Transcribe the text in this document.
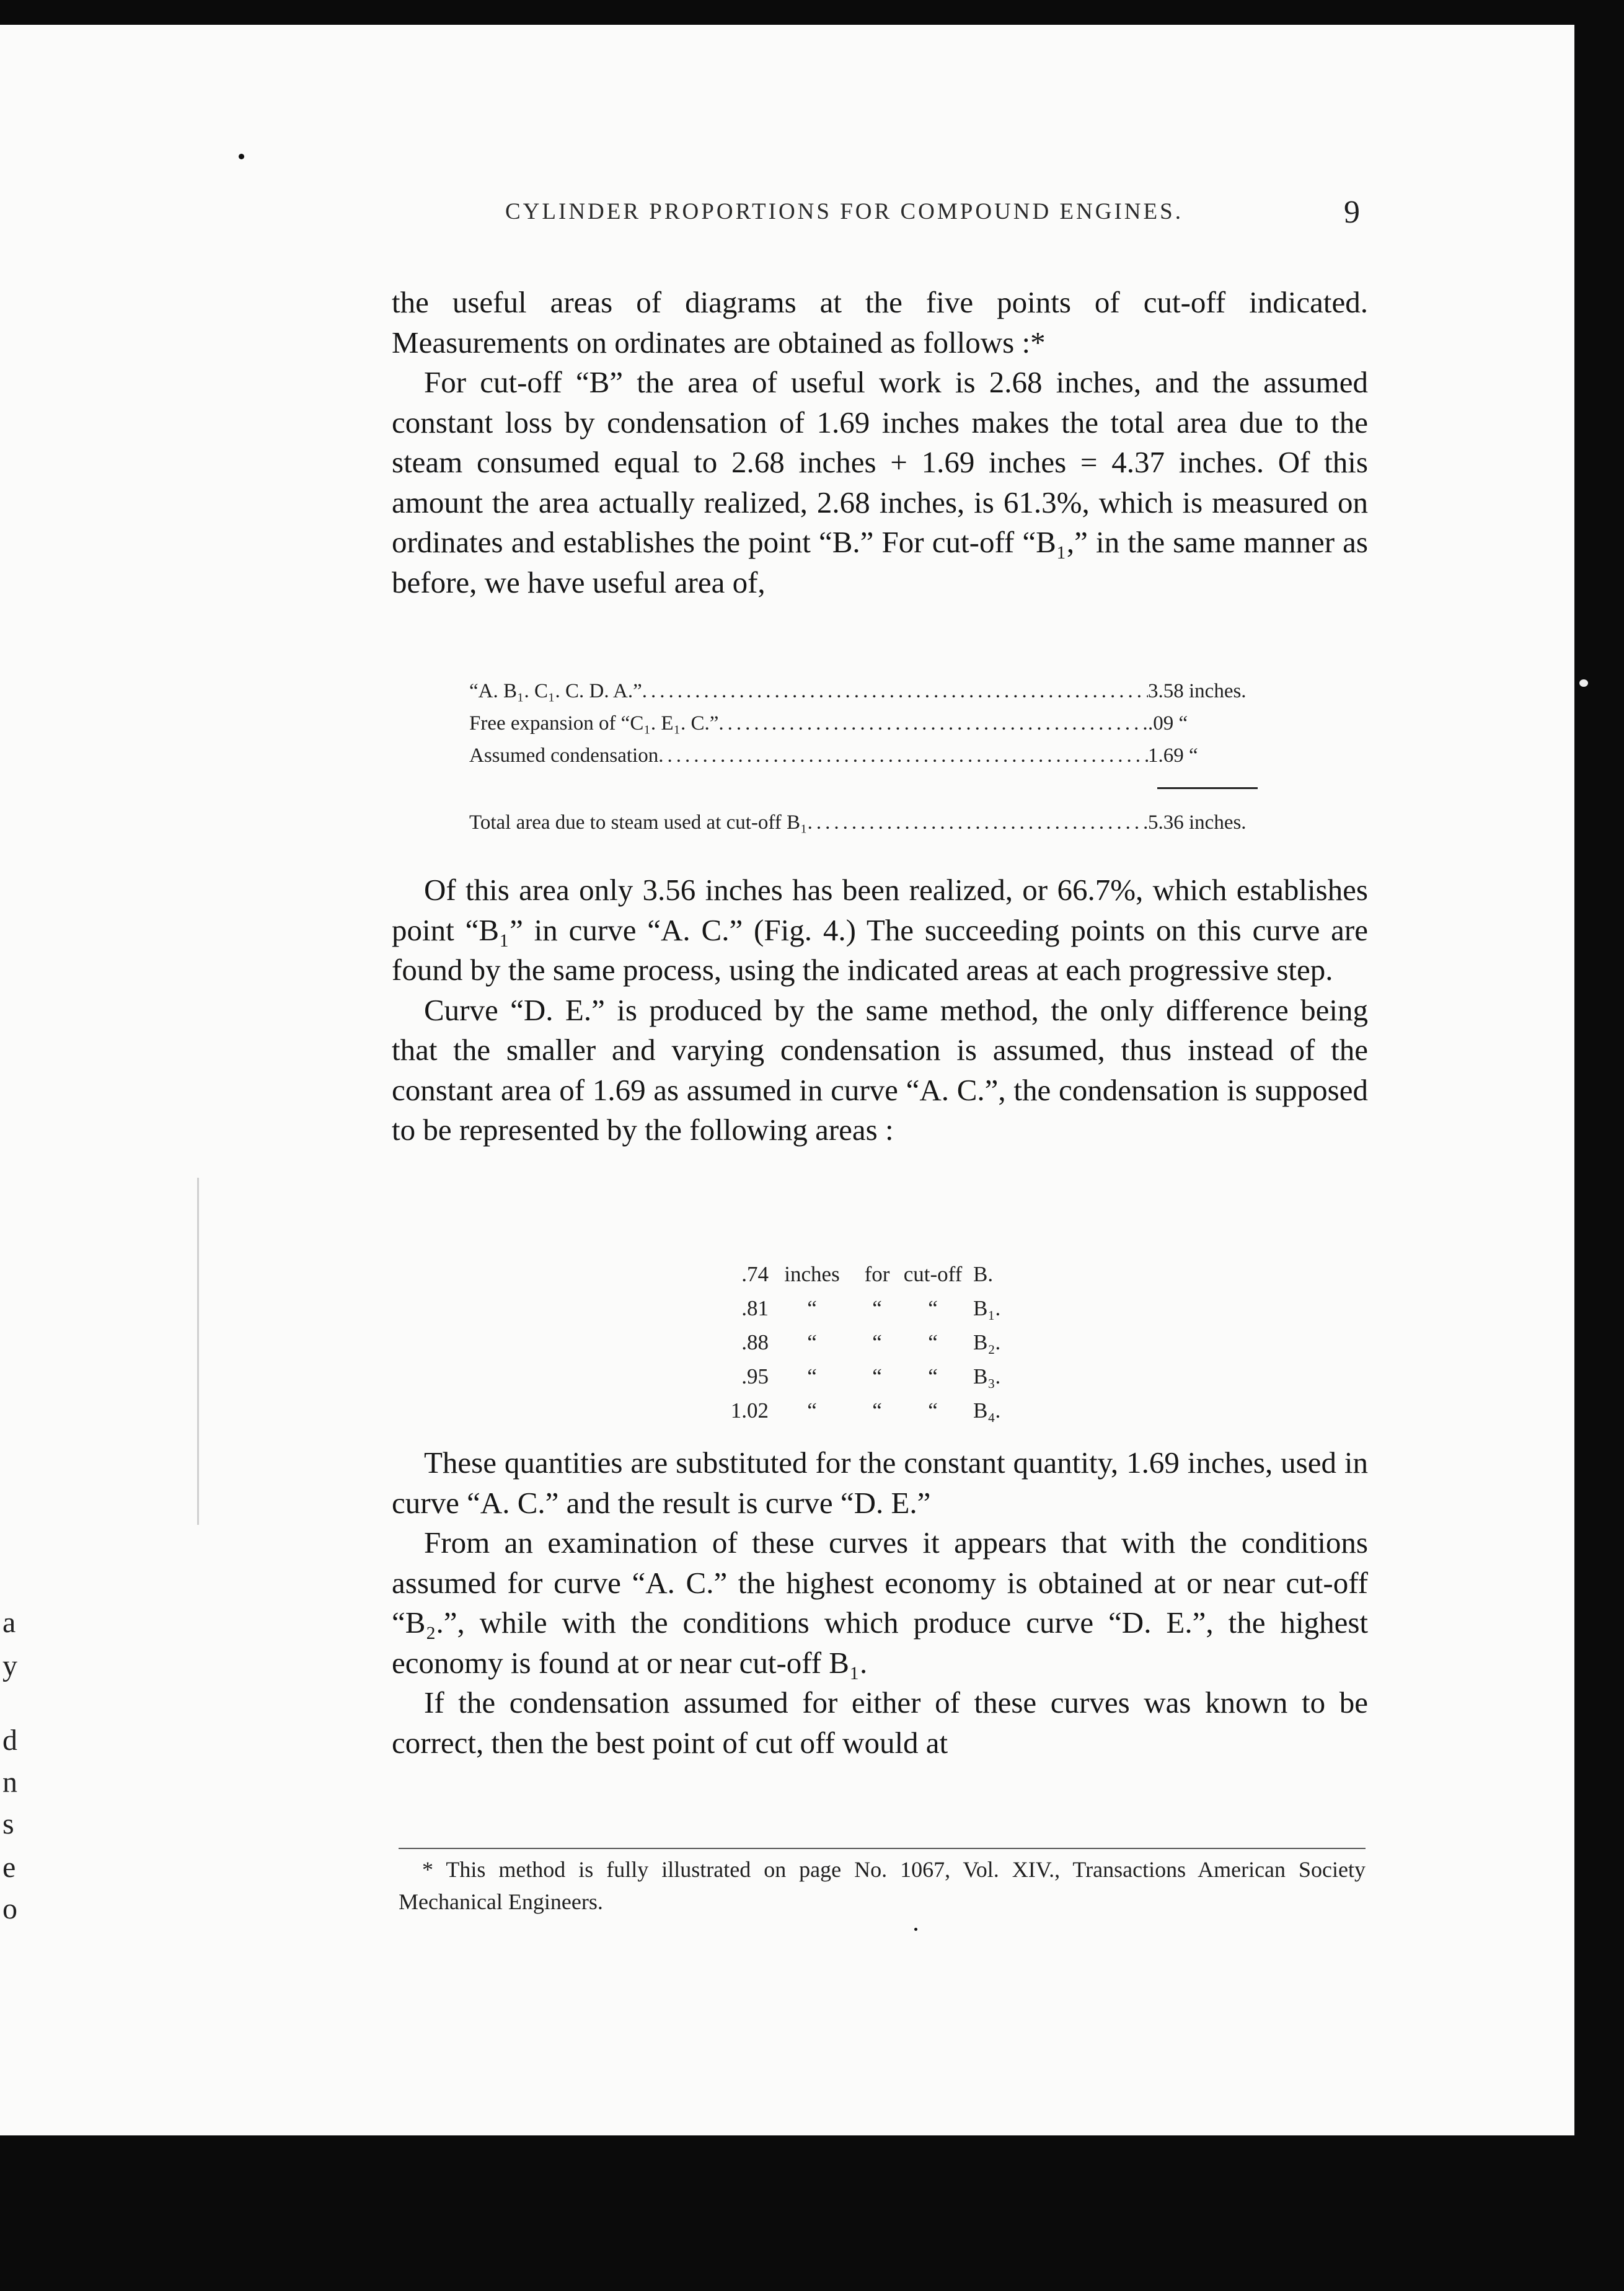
a
y
d
n
s
e
o
CYLINDER PROPORTIONS FOR COMPOUND ENGINES.	9

the useful areas of diagrams at the five points of cut-off indicated. Measurements on ordinates are obtained as follows :*

For cut-off “B” the area of useful work is 2.68 inches, and the assumed constant loss by condensation of 1.69 inches makes the total area due to the steam consumed equal to 2.68 inches + 1.69 inches = 4.37 inches. Of this amount the area actually realized, 2.68 inches, is 61.3%, which is measured on ordinates and establishes the point “B.” For cut-off “B₁,” in the same manner as before, we have useful area of,

“A. B₁. C₁. C. D. A.” .....	3.58 inches.
Free expansion of “C₁. E₁. C.” .....	.09 “
Assumed condensation .....	1.69 “
Total area due to steam used at cut-off B₁ .....	5.36 inches.

Of this area only 3.56 inches has been realized, or 66.7%, which establishes point “B₁” in curve “A. C.” (Fig. 4.) The succeeding points on this curve are found by the same process, using the indicated areas at each progressive step.

Curve “D. E.” is produced by the same method, the only difference being that the smaller and varying condensation is assumed, thus instead of the constant area of 1.69 as assumed in curve “A. C.”, the condensation is supposed to be represented by the following areas :

.74	inches	for	cut-off	B.
.81	“	“	“	B₁.
.88	“	“	“	B₂.
.95	“	“	“	B₃.
1.02	“	“	“	B₄.

These quantities are substituted for the constant quantity, 1.69 inches, used in curve “A. C.” and the result is curve “D. E.”

From an examination of these curves it appears that with the conditions assumed for curve “A. C.” the highest economy is obtained at or near cut-off “B₂.”, while with the conditions which produce curve “D. E.”, the highest economy is found at or near cut-off B₁.

If the condensation assumed for either of these curves was known to be correct, then the best point of cut off would at

* This method is fully illustrated on page No. 1067, Vol. XIV., Transactions American Society Mechanical Engineers.
